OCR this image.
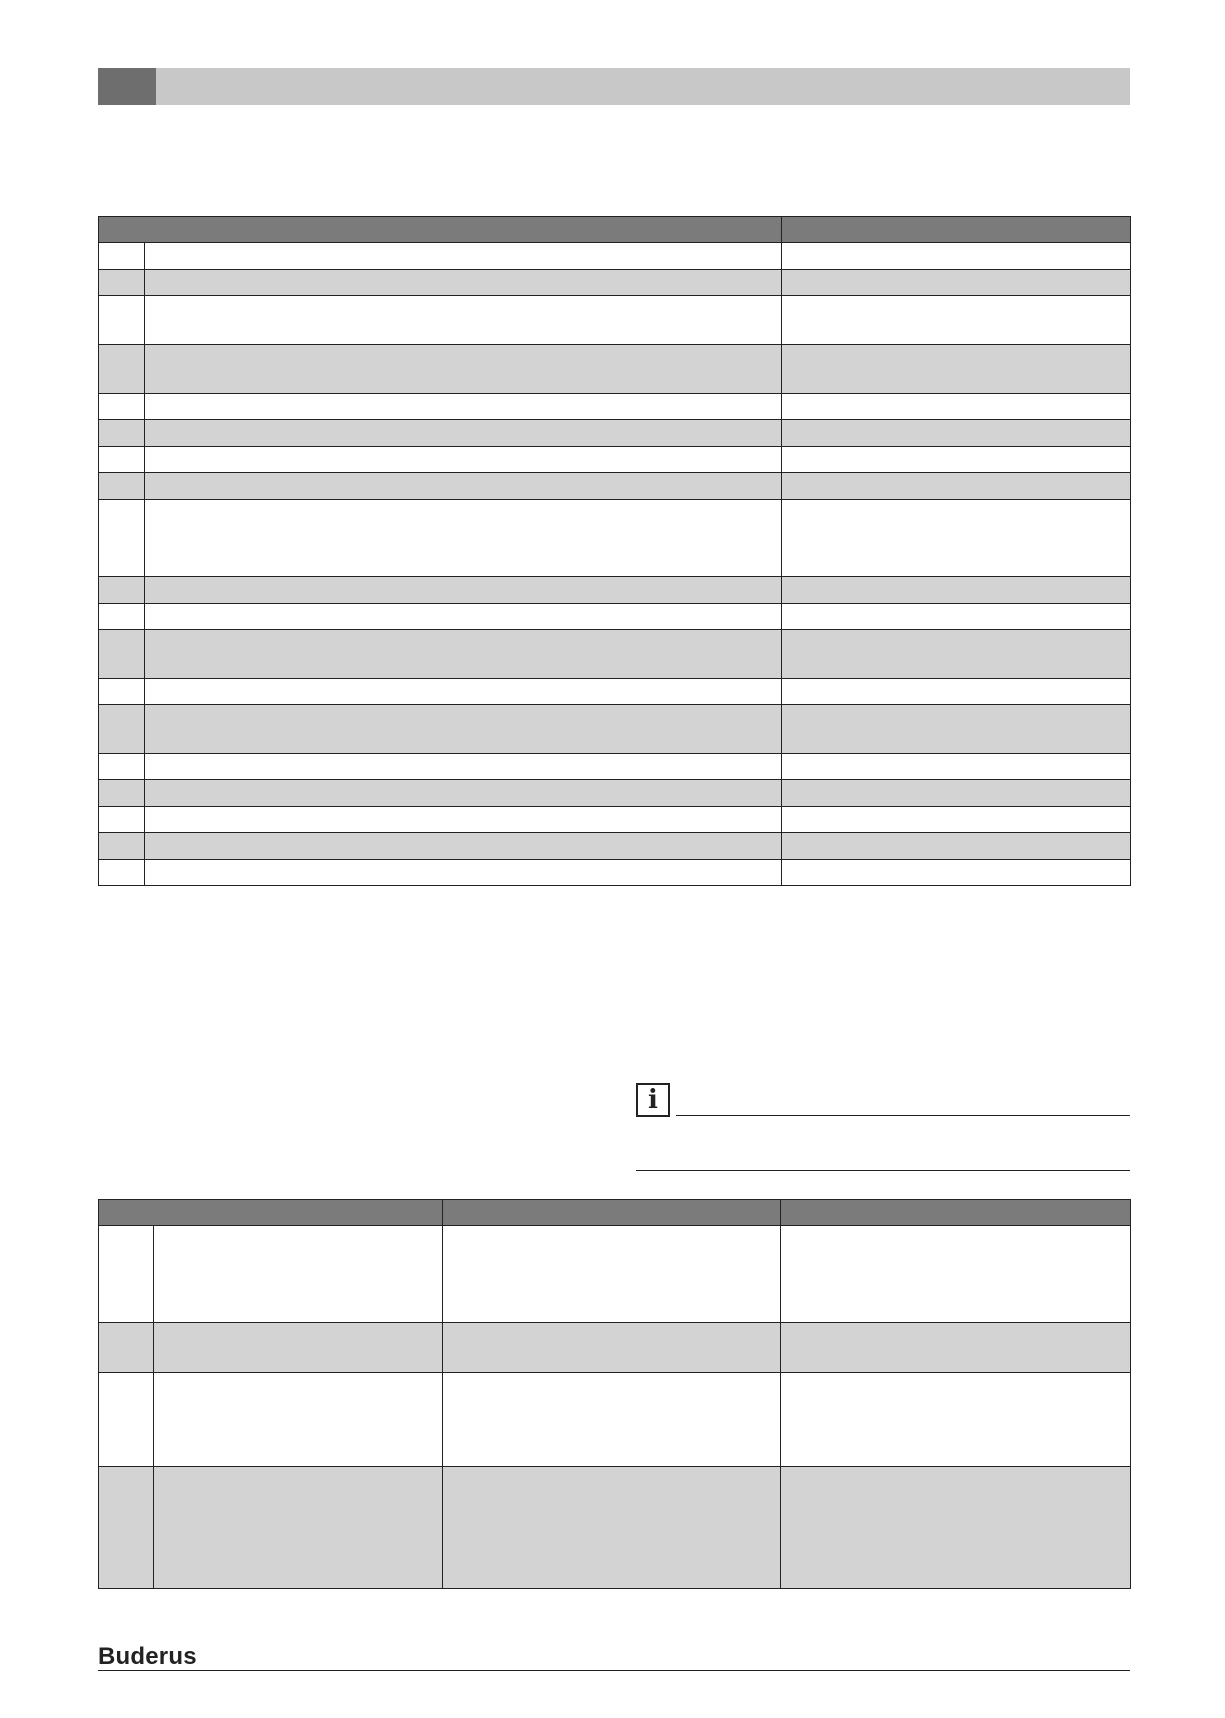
i

Buderus
